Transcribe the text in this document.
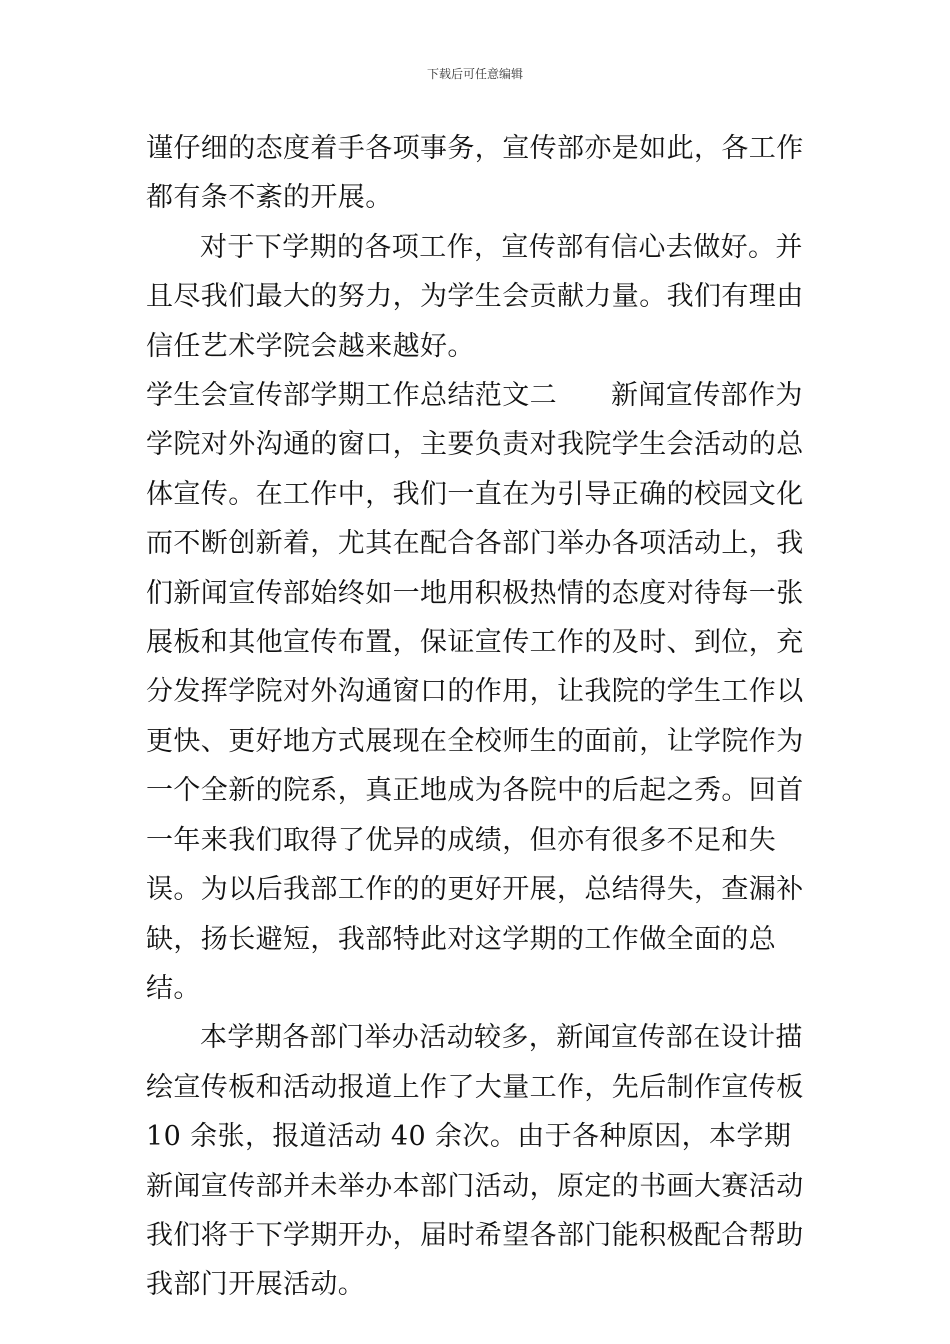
下载后可任意编辑

谨仔细的态度着手各项事务，宣传部亦是如此，各工作都有条不紊的开展。

对于下学期的各项工作，宣传部有信心去做好。并且尽我们最大的努力，为学生会贡献力量。我们有理由信任艺术学院会越来越好。

学生会宣传部学期工作总结范文二 新闻宣传部作为学院对外沟通的窗口，主要负责对我院学生会活动的总体宣传。在工作中，我们一直在为引导正确的校园文化而不断创新着，尤其在配合各部门举办各项活动上，我们新闻宣传部始终如一地用积极热情的态度对待每一张展板和其他宣传布置，保证宣传工作的及时、到位，充分发挥学院对外沟通窗口的作用，让我院的学生工作以更快、更好地方式展现在全校师生的面前，让学院作为一个全新的院系，真正地成为各院中的后起之秀。回首一年来我们取得了优异的成绩，但亦有很多不足和失误。为以后我部工作的的更好开展，总结得失，查漏补缺，扬长避短，我部特此对这学期的工作做全面的总结。

本学期各部门举办活动较多，新闻宣传部在设计描绘宣传板和活动报道上作了大量工作，先后制作宣传板 10 余张，报道活动 40 余次。由于各种原因，本学期新闻宣传部并未举办本部门活动，原定的书画大赛活动我们将于下学期开办，届时希望各部门能积极配合帮助我部门开展活动。
